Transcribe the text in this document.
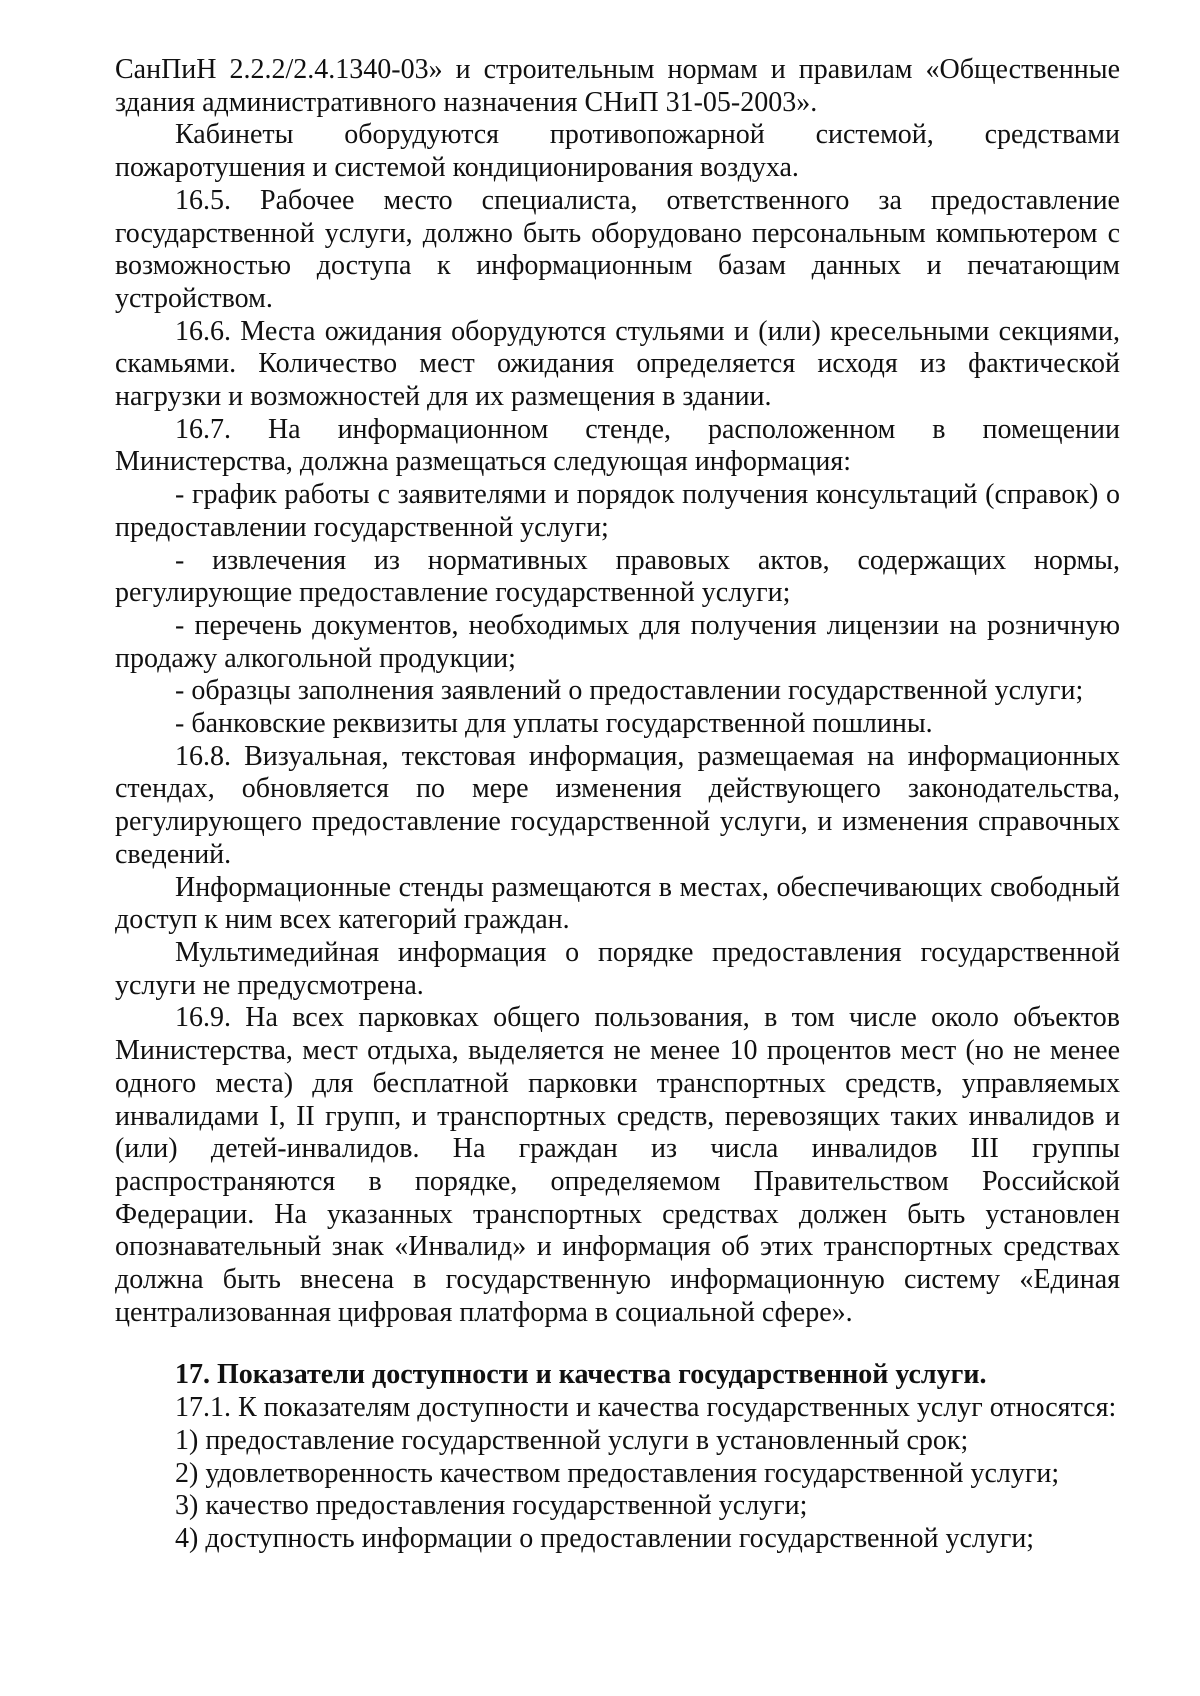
СанПиН 2.2.2/2.4.1340-03» и строительным нормам и правилам «Общественные здания административного назначения СНиП 31-05-2003».

Кабинеты оборудуются противопожарной системой, средствами пожаротушения и системой кондиционирования воздуха.

16.5. Рабочее место специалиста, ответственного за предоставление государственной услуги, должно быть оборудовано персональным компьютером с возможностью доступа к информационным базам данных и печатающим устройством.

16.6. Места ожидания оборудуются стульями и (или) кресельными секциями, скамьями. Количество мест ожидания определяется исходя из фактической нагрузки и возможностей для их размещения в здании.

16.7. На информационном стенде, расположенном в помещении Министерства, должна размещаться следующая информация:

- график работы с заявителями и порядок получения консультаций (справок) о предоставлении государственной услуги;

- извлечения из нормативных правовых актов, содержащих нормы, регулирующие предоставление государственной услуги;

- перечень документов, необходимых для получения лицензии на розничную продажу алкогольной продукции;

- образцы заполнения заявлений о предоставлении государственной услуги;

- банковские реквизиты для уплаты государственной пошлины.

16.8. Визуальная, текстовая информация, размещаемая на информационных стендах, обновляется по мере изменения действующего законодательства, регулирующего предоставление государственной услуги, и изменения справочных сведений.

Информационные стенды размещаются в местах, обеспечивающих свободный доступ к ним всех категорий граждан.

Мультимедийная информация о порядке предоставления государственной услуги не предусмотрена.

16.9. На всех парковках общего пользования, в том числе около объектов Министерства, мест отдыха, выделяется не менее 10 процентов мест (но не менее одного места) для бесплатной парковки транспортных средств, управляемых инвалидами I, II групп, и транспортных средств, перевозящих таких инвалидов и (или) детей-инвалидов. На граждан из числа инвалидов III группы распространяются в порядке, определяемом Правительством Российской Федерации. На указанных транспортных средствах должен быть установлен опознавательный знак «Инвалид» и информация об этих транспортных средствах должна быть внесена в государственную информационную систему «Единая централизованная цифровая платформа в социальной сфере».

17. Показатели доступности и качества государственной услуги.

17.1. К показателям доступности и качества государственных услуг относятся:

1) предоставление государственной услуги в установленный срок;

2) удовлетворенность качеством предоставления государственной услуги;

3) качество предоставления государственной услуги;

4) доступность информации о предоставлении государственной услуги;
